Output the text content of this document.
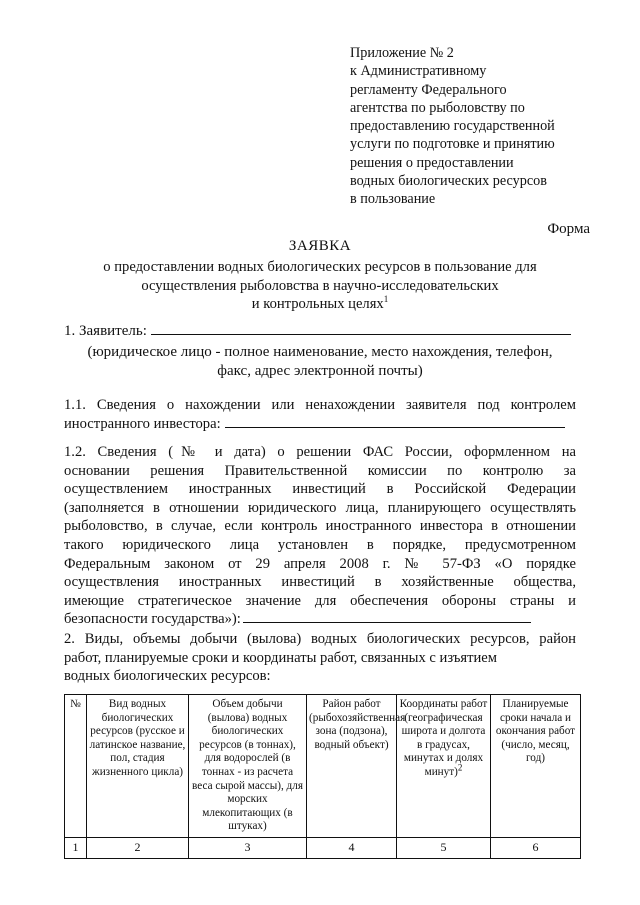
Приложение № 2
к Административному
регламенту Федерального
агентства по рыболовству по
предоставлению государственной
услуги по подготовке и принятию
решения о предоставлении
водных биологических ресурсов
в пользование
Форма
ЗАЯВКА
о предоставлении водных биологических ресурсов в пользование для
осуществления рыболовства в научно-исследовательских
и контрольных целях$^1$
1. Заявитель:
(юридическое лицо - полное наименование, место нахождения, телефон,
факс, адрес электронной почты)
1.1. Сведения о нахождении или ненахождении заявителя под контролем
иностранного инвестора:
1.2. Сведения (№ и дата) о решении ФАС России, оформленном на
основании решения Правительственной комиссии по контролю за
осуществлением иностранных инвестиций в Российской Федерации
(заполняется в отношении юридического лица, планирующего осуществлять
рыболовство, в случае, если контроль иностранного инвестора в отношении
такого юридического лица установлен в порядке, предусмотренном
Федеральным законом от 29 апреля 2008 г. № 57-ФЗ «О порядке
осуществления иностранных инвестиций в хозяйственные общества,
имеющие стратегическое значение для обеспечения обороны страны и
безопасности государства»):
2. Виды, объемы добычи (вылова) водных биологических ресурсов, район
работ, планируемые сроки и координаты работ, связанных с изъятием
водных биологических ресурсов:
№	Вид водных биологических ресурсов (русское и латинское название, пол, стадия жизненного цикла)	Объем добычи (вылова) водных биологических ресурсов (в тоннах), для водорослей (в тоннах - из расчета веса сырой массы), для морских млекопитающих (в штуках)	Район работ (рыбохозяйственная зона (подзона), водный объект)	Координаты работ (географическая широта и долгота в градусах, минутах и долях минут)$^2$	Планируемые сроки начала и окончания работ (число, месяц, год)
1	2	3	4	5	6
